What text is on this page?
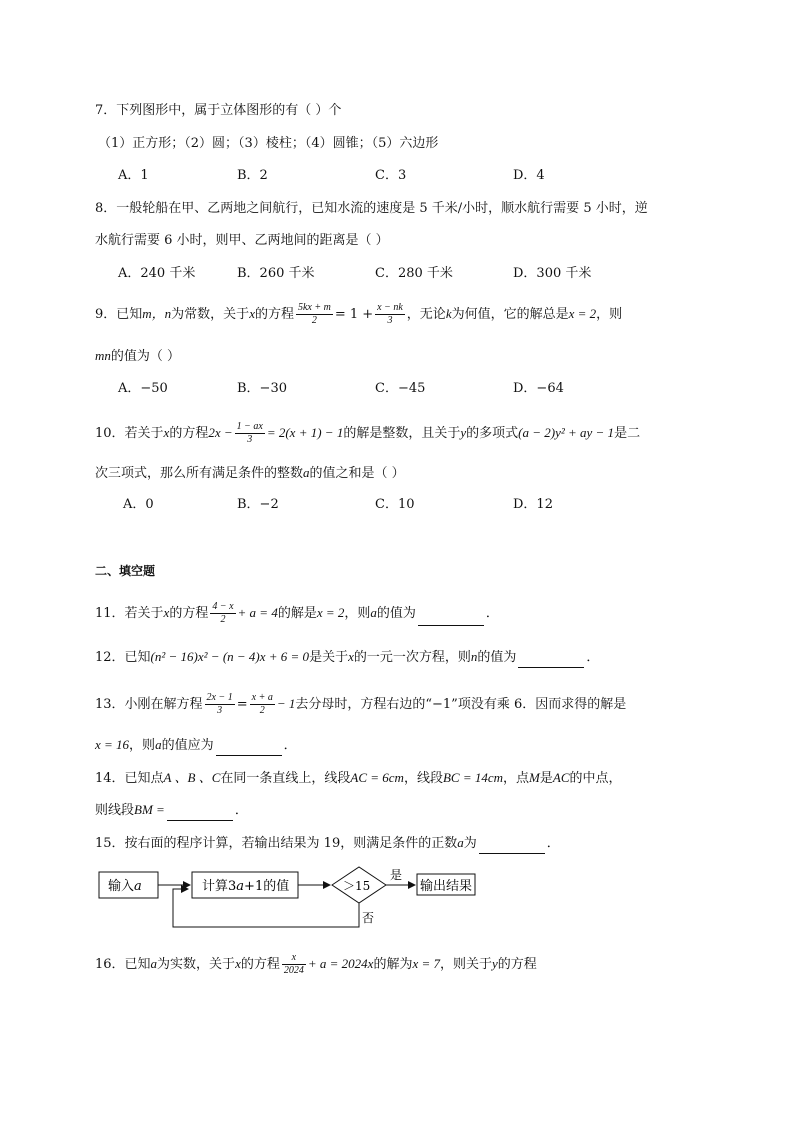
7．下列图形中，属于立体图形的有（ ）个
（1）正方形；（2）圆；（3）棱柱；（4）圆锥；（5）六边形
A．1	B．2	C．3	D．4
8．一般轮船在甲、乙两地之间航行，已知水流的速度是 5 千米/小时，顺水航行需要 5 小时，逆
水航行需要 6 小时，则甲、乙两地间的距离是（ ）
A．240 千米	B．260 千米	C．280 千米	D．300 千米
9．已知m，n为常数，关于x的方程 $\frac{5kx + m}{2} = 1 + \frac{x - nk}{3}$ ，无论k为何值，它的解总是x = 2，则
mn的值为（ ）
A．−50	B．−30	C．−45	D．−64
10．若关于x的方程$2x - \frac{1 - ax}{3} = 2(x + 1) - 1$的解是整数，且关于y的多项式(a − 2)y² + ay − 1是二
次三项式，那么所有满足条件的整数a的值之和是（ ）
A．0	B．−2	C．10	D．12
二、填空题
11．若关于x的方程 $\frac{4 - x}{2} + a = 4$的解是x = 2，则a的值为	．
12．已知(n² − 16)x² − (n − 4)x + 6 = 0是关于x的一元一次方程，则n的值为	．
13．小刚在解方程 $\frac{2x - 1}{3} = \frac{x + a}{2} - 1$去分母时，方程右边的“−1”项没有乘 6．因而求得的解是
x = 16，则a的值应为	．
14．已知点A 、B 、C在同一条直线上，线段AC = 6cm，线段BC = 14cm，点M是AC的中点，
则线段BM =	．
15．按右面的程序计算，若输出结果为 19，则满足条件的正数a为	．
输入a	计算3a+1的值	＞15
是
输出结果
否
16．已知a为实数，关于x的方程 $\frac{x}{2024} + a = 2024x$的解为x = 7，则关于y的方程
